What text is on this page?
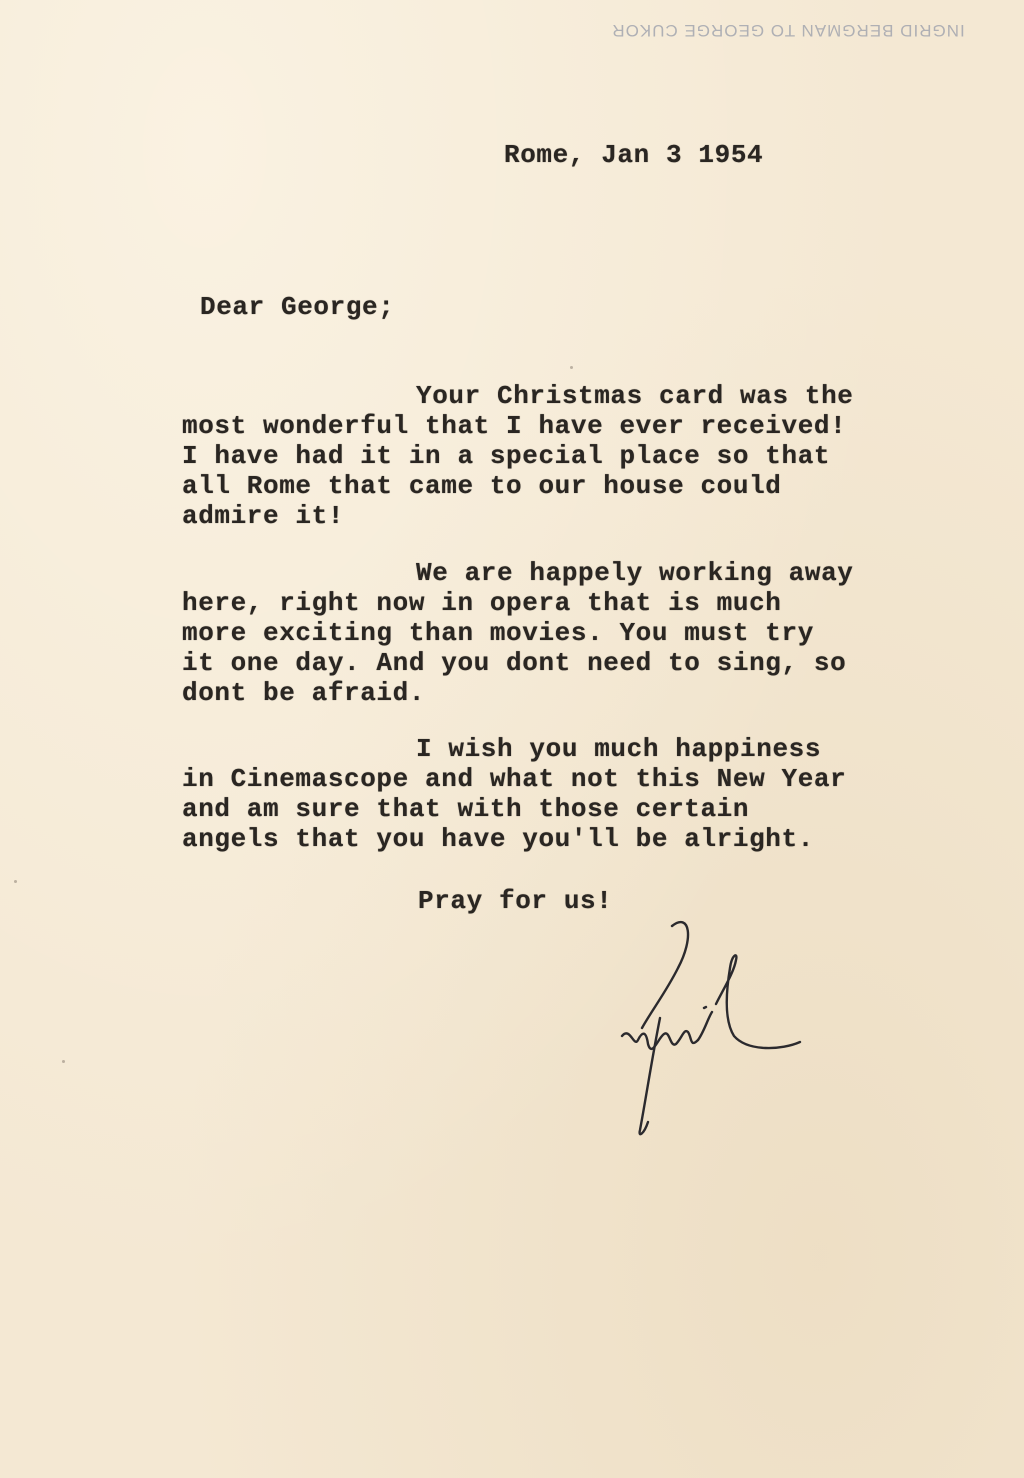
INGRID BERGMAN TO GEORGE CUKOR

Rome, Jan 3 1954

Dear George;

Your Christmas card was the
most wonderful that I have ever received!
I have had it in a special place so that
all Rome that came to our house could
admire it!
We are happely working away
here, right now in opera that is much
more exciting than movies. You must try
it one day. And you dont need to sing, so
dont be afraid.
I wish you much happiness
in Cinemascope and what not this New Year
and am sure that with those certain
angels that you have you'll be alright.

Pray for us!
